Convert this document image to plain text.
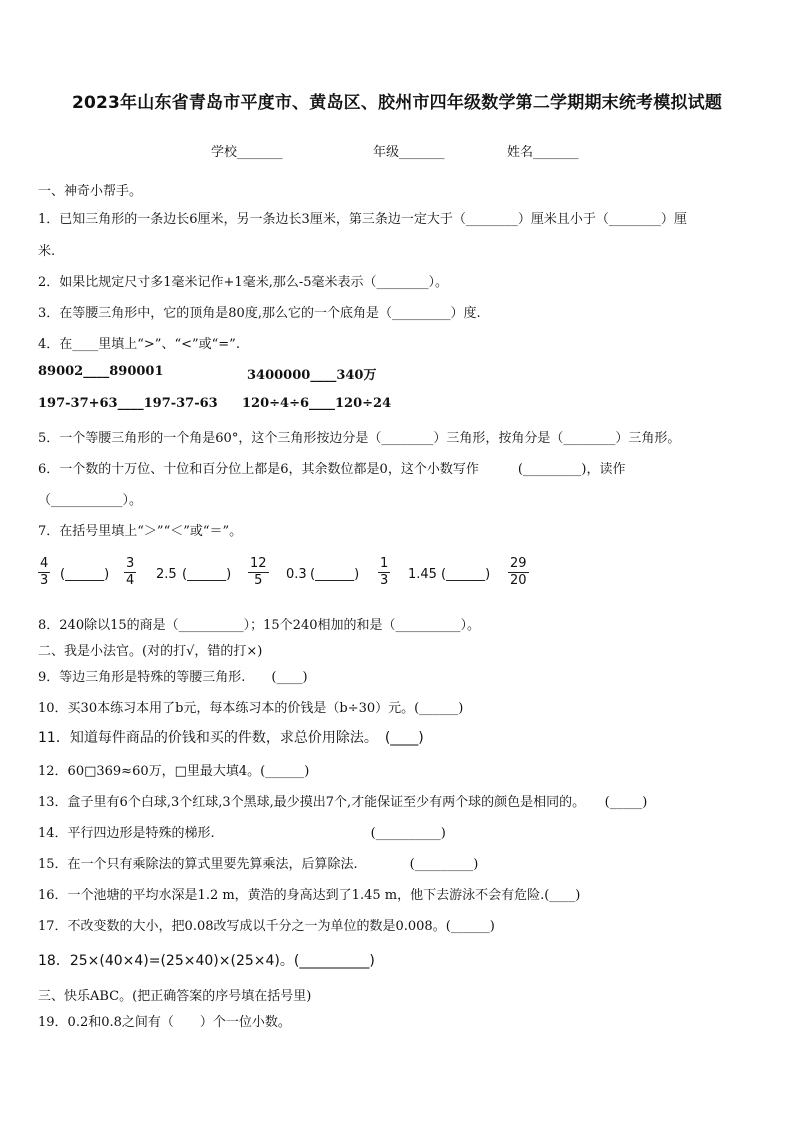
2023年山东省青岛市平度市、黄岛区、胶州市四年级数学第二学期期末统考模拟试题
学校_______	年级_______	姓名_______
一、神奇小帮手。
1．已知三角形的一条边长6厘米，另一条边长3厘米，第三条边一定大于（________）厘米且小于（________）厘
米.
2．如果比规定尺寸多1毫米记作+1毫米,那么-5毫米表示（________）。
3．在等腰三角形中，它的顶角是80度,那么它的一个底角是（_________）度.
4．在____里填上“>”、“<”或“=”.
89002____890001	3400000____340万
197-37+63____197-37-63 120÷4÷6____120÷24
5．一个等腰三角形的一个角是60°，这个三角形按边分是（________）三角形，按角分是（________）三角形。
6．一个数的十万位、十位和百分位上都是6，其余数位都是0，这个小数写作　　　(_________)，读作
（___________）。
7．在括号里填上“＞”“＜”或“＝”。
$\frac{4}{3}$ (______) $\frac{3}{4} 2.5$ (______) $\frac{12}{5} 0.3$ (______) $\frac{1}{3} 1.45$ (______) $\frac{29}{20}$
8．240除以15的商是（__________）；15个240相加的和是（__________）。
二、我是小法官。(对的打√，错的打×)
9．等边三角形是特殊的等腰三角形.　　(____)
10．买30本练习本用了b元，每本练习本的价钱是（b÷30）元。(______)
11．知道每件商品的价钱和买的件数，求总价用除法。　(____)
12．60□369≈60万，□里最大填4。(______)
13．盒子里有6个白球,3个红球,3个黑球,最少摸出7个,才能保证至少有两个球的颜色是相同的。　　(_____)
14．平行四边形是特殊的梯形.　　　　　　　　　　　　(__________)
15．在一个只有乘除法的算式里要先算乘法，后算除法.　　　　(_________)
16．一个池塘的平均水深是1.2 m，黄浩的身高达到了1.45 m，他下去游泳不会有危险.(____)
17．不改变数的大小，把0.08改写成以千分之一为单位的数是0.008。(______)
18．25×(40×4)=(25×40)×(25×4)。(__________)
三、快乐ABC。(把正确答案的序号填在括号里)
19．0.2和0.8之间有（　　）个一位小数。
